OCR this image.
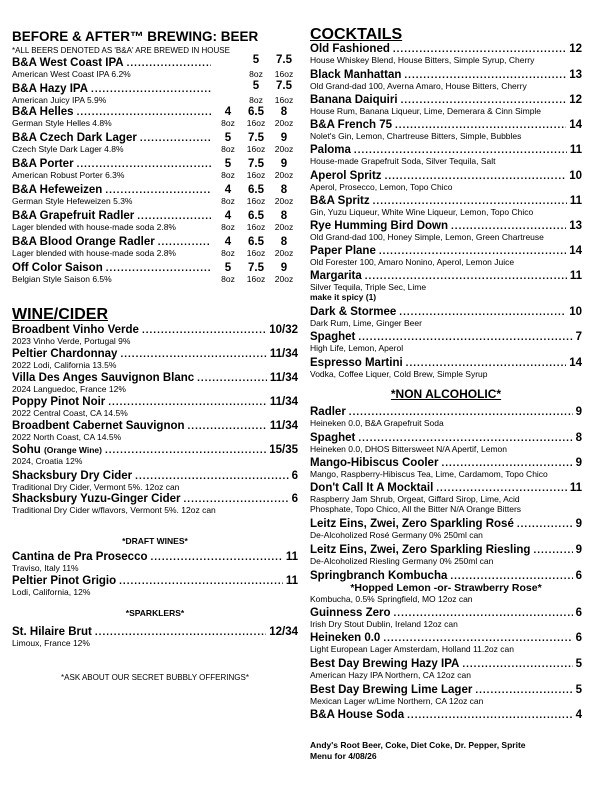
BEFORE & AFTER™ BREWING: BEER
*ALL BEERS DENOTED AS 'B&A' ARE BREWED IN HOUSE
B&A West Coast IPA .....	5	7.5
American West Coast IPA 6.2%	8oz	16oz
B&A Hazy IPA .....	5	7.5
American Juicy IPA 5.9%	8oz	16oz
B&A Helles .....	4	6.5	8
German Style Helles 4.8%	8oz	16oz	20oz
B&A Czech Dark Lager .....	5	7.5	9
Czech Style Dark Lager 4.8%	8oz	16oz	20oz
B&A Porter .....	5	7.5	9
American Robust Porter 6.3%	8oz	16oz	20oz
B&A Hefeweizen .....	4	6.5	8
German Style Hefeweizen 5.3%	8oz	16oz	20oz
B&A Grapefruit Radler .....	4	6.5	8
Lager blended with house-made soda 2.8%	8oz	16oz	20oz
B&A Blood Orange Radler .....	4	6.5	8
Lager blended with house-made soda 2.8%	8oz	16oz	20oz
Off Color Saison .....	5	7.5	9
Belgian Style Saison 6.5%	8oz	16oz	20oz
WINE/CIDER
Broadbent Vinho Verde .....	10/32
2023 Vinho Verde, Portugal 9%
Peltier Chardonnay .....	11/34
2022 Lodi, California 13.5%
Villa Des Anges Sauvignon Blanc .....	11/34
2024 Languedoc, France 12%
Poppy Pinot Noir .....	11/34
2022 Central Coast, CA 14.5%
Broadbent Cabernet Sauvignon .....	11/34
2022 North Coast, CA 14.5%
Sohu (Orange Wine) .....	15/35
2024, Croatia 12%
Shacksbury Dry Cider .....	6
Traditional Dry Cider, Vermont 5%. 12oz can
Shacksbury Yuzu-Ginger Cider .....	6
Traditional Dry Cider w/flavors, Vermont 5%. 12oz can
*DRAFT WINES*
Cantina de Pra Prosecco .....	11
Traviso, Italy 11%
Peltier Pinot Grigio .....	11
Lodi, California, 12%
*SPARKLERS*
St. Hilaire Brut .....	12/34
Limoux, France 12%
*ASK ABOUT OUR SECRET BUBBLY OFFERINGS*
COCKTAILS
Old Fashioned .....	12
House Whiskey Blend, House Bitters, Simple Syrup, Cherry
Black Manhattan .....	13
Old Grand-dad 100, Averna Amaro, House Bitters, Cherry
Banana Daiquiri .....	12
House Rum, Banana Liqueur, Lime, Demerara & Cinn Simple
B&A French 75 .....	14
Nolet's Gin, Lemon, Chartreuse Bitters, Simple, Bubbles
Paloma .....	11
House-made Grapefruit Soda, Silver Tequila, Salt
Aperol Spritz .....	10
Aperol, Prosecco, Lemon, Topo Chico
B&A Spritz .....	11
Gin, Yuzu Liqueur, White Wine Liqueur, Lemon, Topo Chico
Rye Humming Bird Down .....	13
Old Grand-dad 100, Honey Simple, Lemon, Green Chartreuse
Paper Plane .....	14
Old Forester 100, Amaro Nonino, Aperol, Lemon Juice
Margarita .....	11
Silver Tequila, Triple Sec, Lime
make it spicy (1)
Dark & Stormee .....	10
Dark Rum, Lime, Ginger Beer
Spaghet .....	7
High Life, Lemon, Aperol
Espresso Martini .....	14
Vodka, Coffee Liquer, Cold Brew, Simple Syrup
*NON ALCOHOLIC*
Radler .....	9
Heineken 0.0, B&A Grapefruit Soda
Spaghet .....	8
Heineken 0.0, DHOS Bittersweet N/A Apertif, Lemon
Mango-Hibiscus Cooler .....	9
Mango, Raspberry-Hibiscus Tea, Lime, Cardamom, Topo Chico
Don't Call It A Mocktail .....	11
Raspberry Jam Shrub, Orgeat, Giffard Sirop, Lime, Acid
Phosphate, Topo Chico, All the Bitter N/A Orange Bitters
Leitz Eins, Zwei, Zero Sparkling Rosé .....	9
De-Alcoholized Rosé Germany 0% 250ml can
Leitz Eins, Zwei, Zero Sparkling Riesling .....	9
De-Alcoholized Riesling Germany 0% 250ml can
Springbranch Kombucha .....	6
*Hopped Lemon -or- Strawberry Rose*
Kombucha, 0.5% Springfield, MO 12oz can
Guinness Zero .....	6
Irish Dry Stout Dublin, Ireland 12oz can
Heineken 0.0 .....	6
Light European Lager Amsterdam, Holland 11.2oz can
Best Day Brewing Hazy IPA .....	5
American Hazy IPA Northern, CA 12oz can
Best Day Brewing Lime Lager .....	5
Mexican Lager w/Lime Northern, CA 12oz can
B&A House Soda .....	4
Andy's Root Beer, Coke, Diet Coke, Dr. Pepper, Sprite
Menu for 4/08/26
